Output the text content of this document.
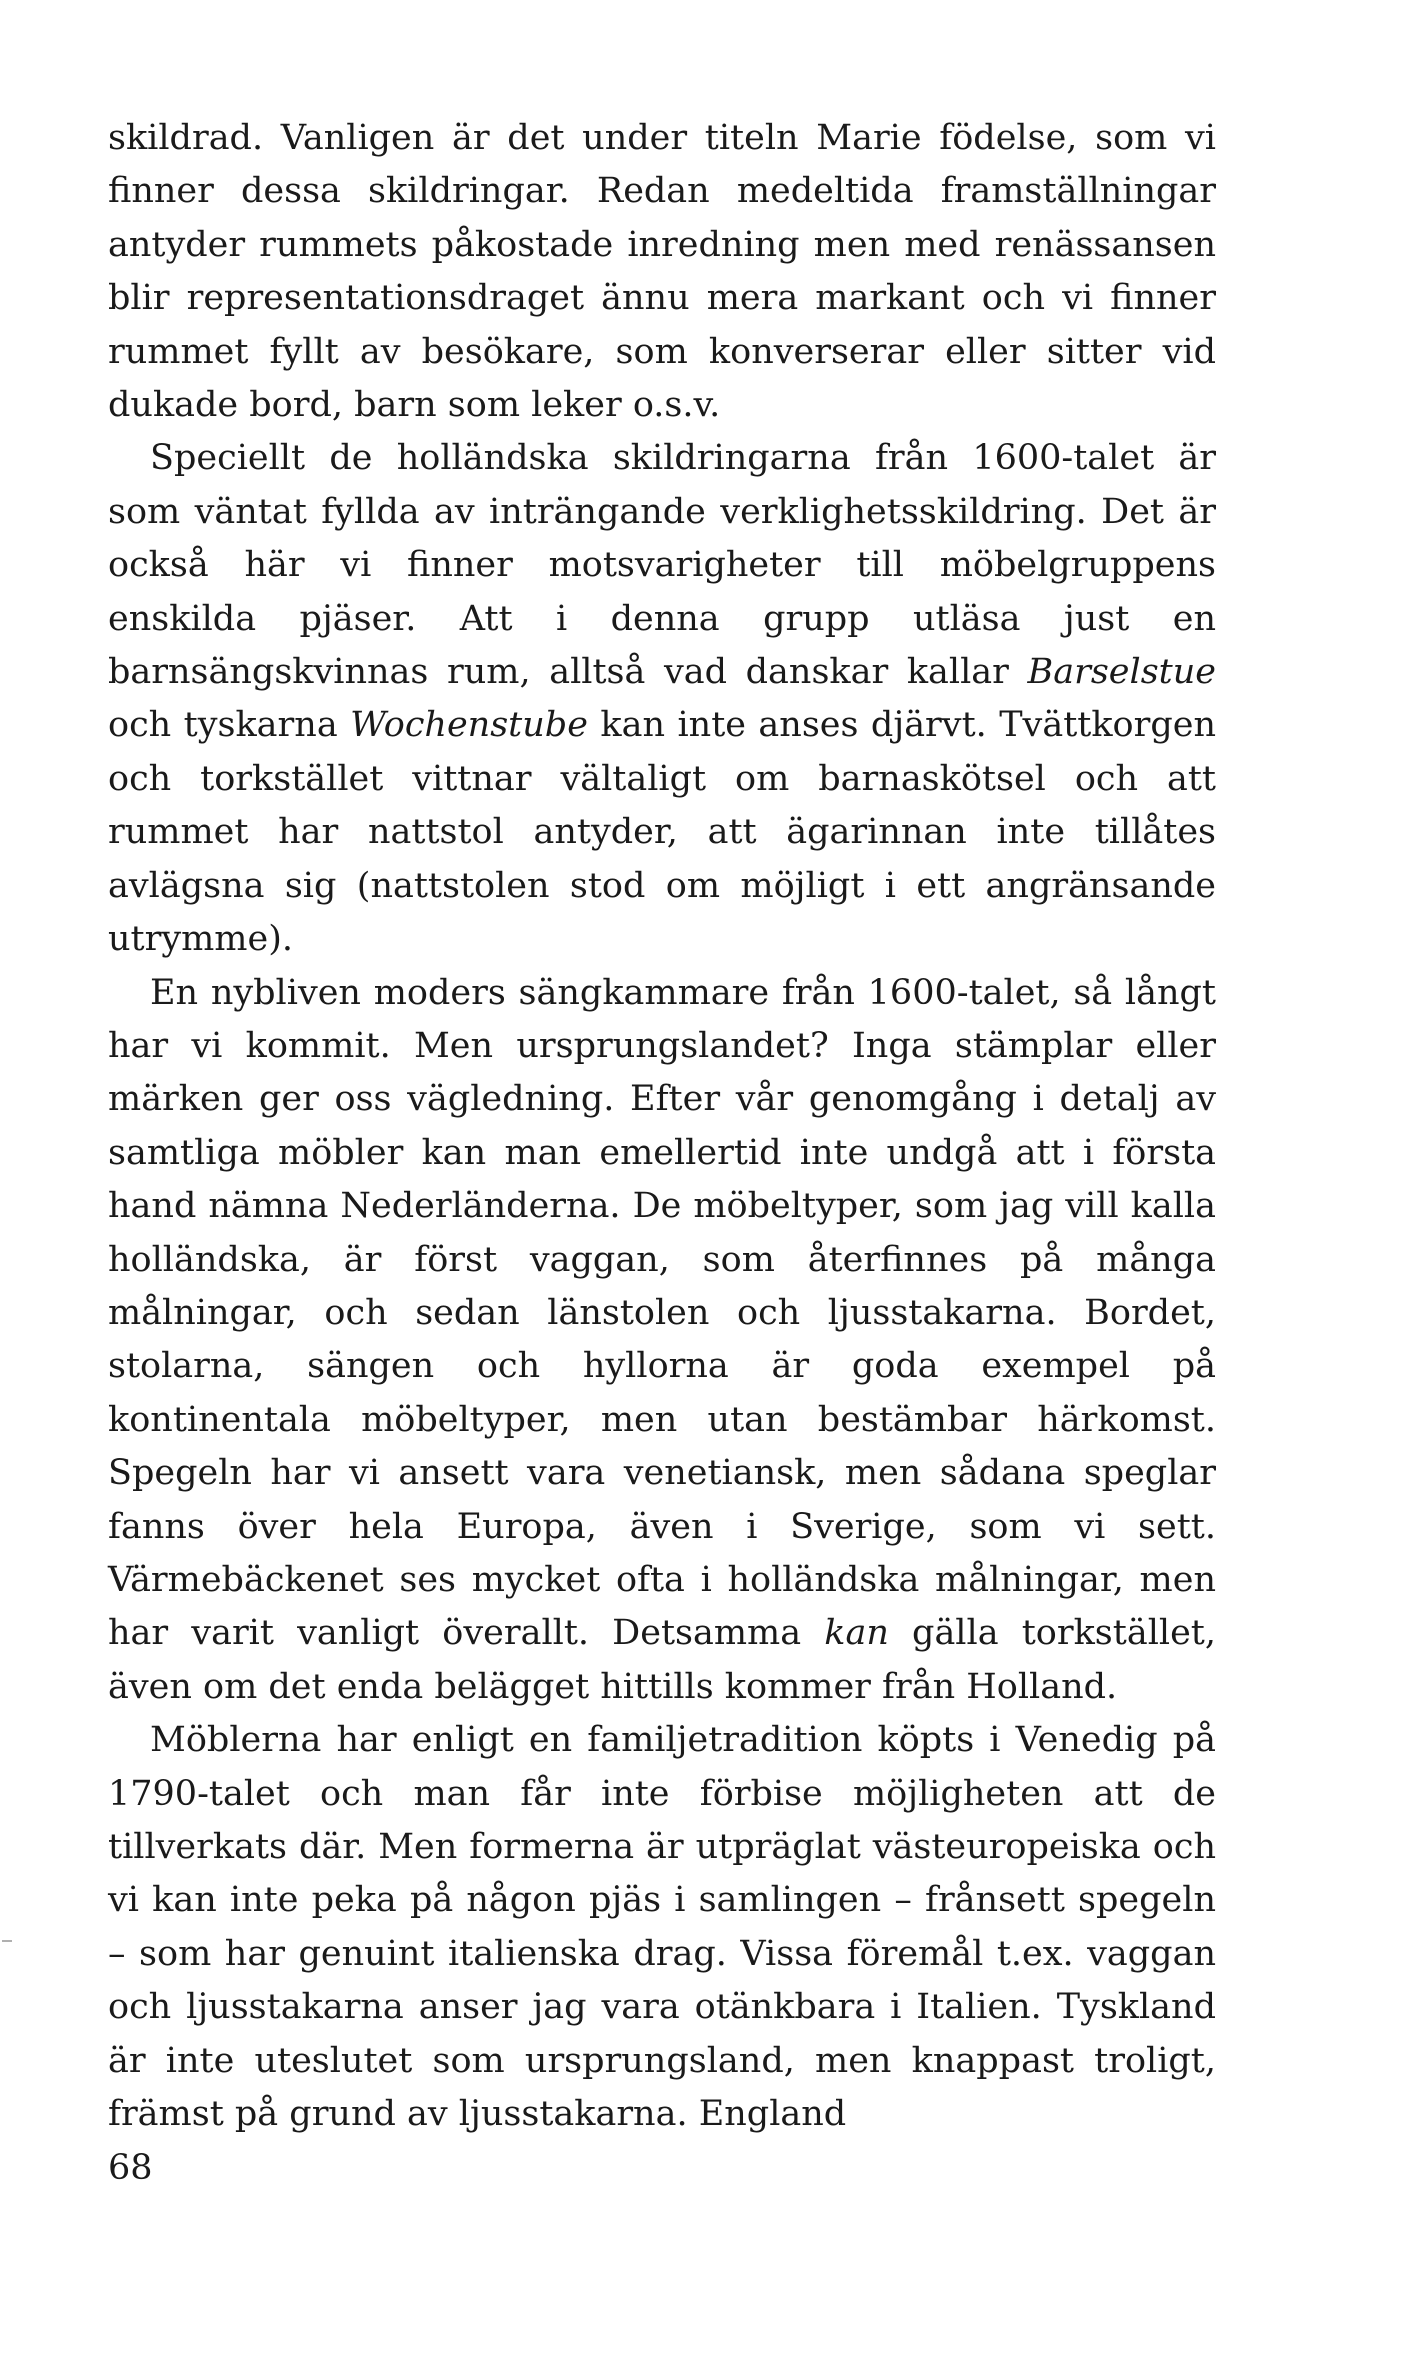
skildrad. Vanligen är det under titeln Marie födelse, som vi finner dessa skildringar. Redan medeltida framställningar antyder rummets påkostade inredning men med renässansen blir representationsdraget ännu mera markant och vi finner rummet fyllt av besökare, som konverserar eller sitter vid dukade bord, barn som leker o.s.v.

Speciellt de holländska skildringarna från 1600-talet är som väntat fyllda av inträngande verklighetsskildring. Det är också här vi finner motsvarigheter till möbelgruppens enskilda pjäser. Att i denna grupp utläsa just en barnsängskvinnas rum, alltså vad danskar kallar Barselstue och tyskarna Wochenstube kan inte anses djärvt. Tvättkorgen och torkstället vittnar vältaligt om barnaskötsel och att rummet har nattstol antyder, att ägarinnan inte tillåtes avlägsna sig (nattstolen stod om möjligt i ett angränsande utrymme).

En nybliven moders sängkammare från 1600-talet, så långt har vi kommit. Men ursprungslandet? Inga stämplar eller märken ger oss vägledning. Efter vår genomgång i detalj av samtliga möbler kan man emellertid inte undgå att i första hand nämna Nederländerna. De möbeltyper, som jag vill kalla holländska, är först vaggan, som återfinnes på många målningar, och sedan länstolen och ljusstakarna. Bordet, stolarna, sängen och hyllorna är goda exempel på kontinentala möbeltyper, men utan bestämbar härkomst. Spegeln har vi ansett vara venetiansk, men sådana speglar fanns över hela Europa, även i Sverige, som vi sett. Värmebäckenet ses mycket ofta i holländska målningar, men har varit vanligt överallt. Detsamma kan gälla torkstället, även om det enda belägget hittills kommer från Holland.

Möblerna har enligt en familjetradition köpts i Venedig på 1790-talet och man får inte förbise möjligheten att de tillverkats där. Men formerna är utpräglat västeuropeiska och vi kan inte peka på någon pjäs i samlingen – frånsett spegeln – som har genuint italienska drag. Vissa föremål t.ex. vaggan och ljusstakarna anser jag vara otänkbara i Italien. Tyskland är inte uteslutet som ursprungsland, men knappast troligt, främst på grund av ljusstakarna. England

68
